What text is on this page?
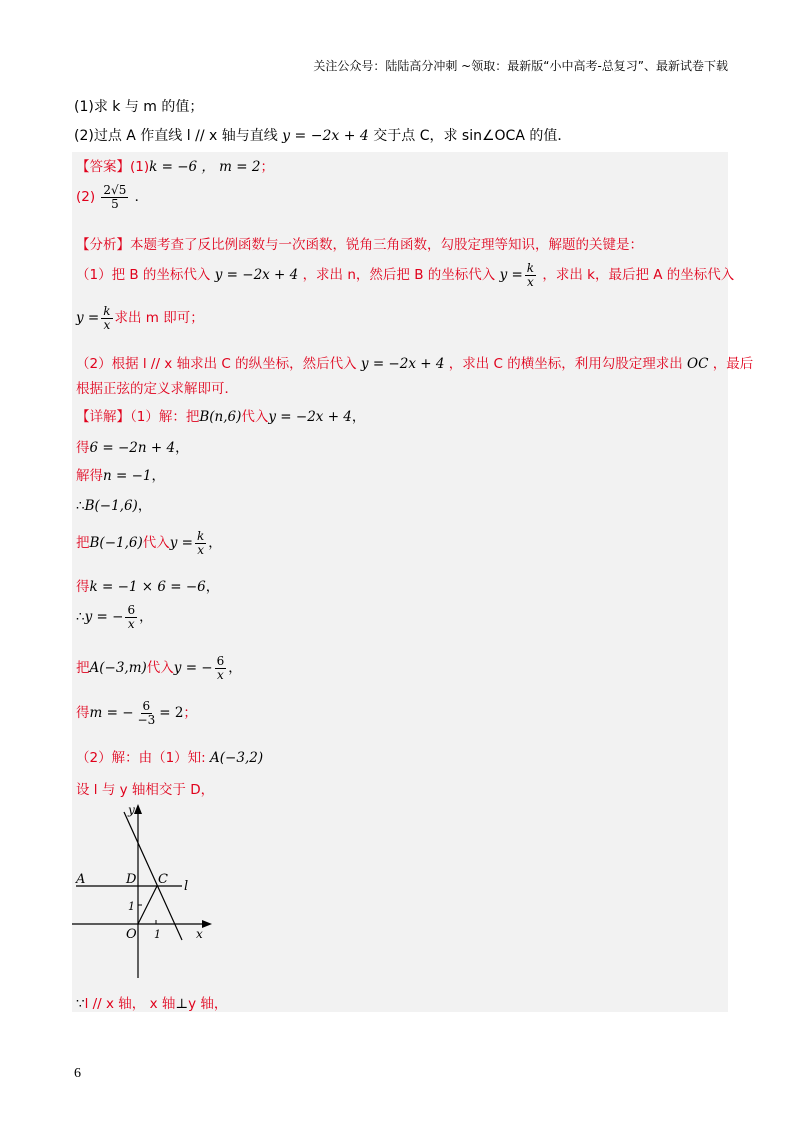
关注公众号：陆陆高分冲刺 ~领取：最新版“小中高考-总复习”、最新试卷下载
(1)求 k 与 m 的值；
(2)过点 A 作直线 l // x 轴与直线 y = −2x + 4 交于点 C，求 sin∠OCA 的值．
【答案】(1)k = −6 ， m = 2；
$(2) \frac{2√5}{5}$ ．
【分析】本题考查了反比例函数与一次函数，锐角三角函数，勾股定理等知识，解题的关键是：
（1）把 B 的坐标代入 y = −2x + 4 ，求出 n，然后把 B 的坐标代入 $y = \frac{k}{x}$ ，求出 k，最后把 A 的坐标代入
$y = \frac{k}{x}$ 求出 m 即可；
（2）根据 l // x 轴求出 C 的纵坐标，然后代入 y = −2x + 4 ，求出 C 的横坐标，利用勾股定理求出 OC ，最后
根据正弦的定义求解即可．
【详解】（1）解：把B(n,6)代入y = −2x + 4，
得6 = −2n + 4，
解得n = −1，
∴B(−1,6)，
把B(−1,6)代入$y = \frac{k}{x}$ ，
得k = −1 × 6 = −6，
∴y = − $\frac{6}{x}$ ，
把A(−3,m)代入y = − $\frac{6}{x}$ ，
得m = − $\frac{6}{-3} = 2$；
（2）解：由（1）知: A(−3,2)
设 l 与 y 轴相交于 D，
y
x
A	D C l
O
1
1
∵l // x 轴， x 轴⊥y 轴，
6
